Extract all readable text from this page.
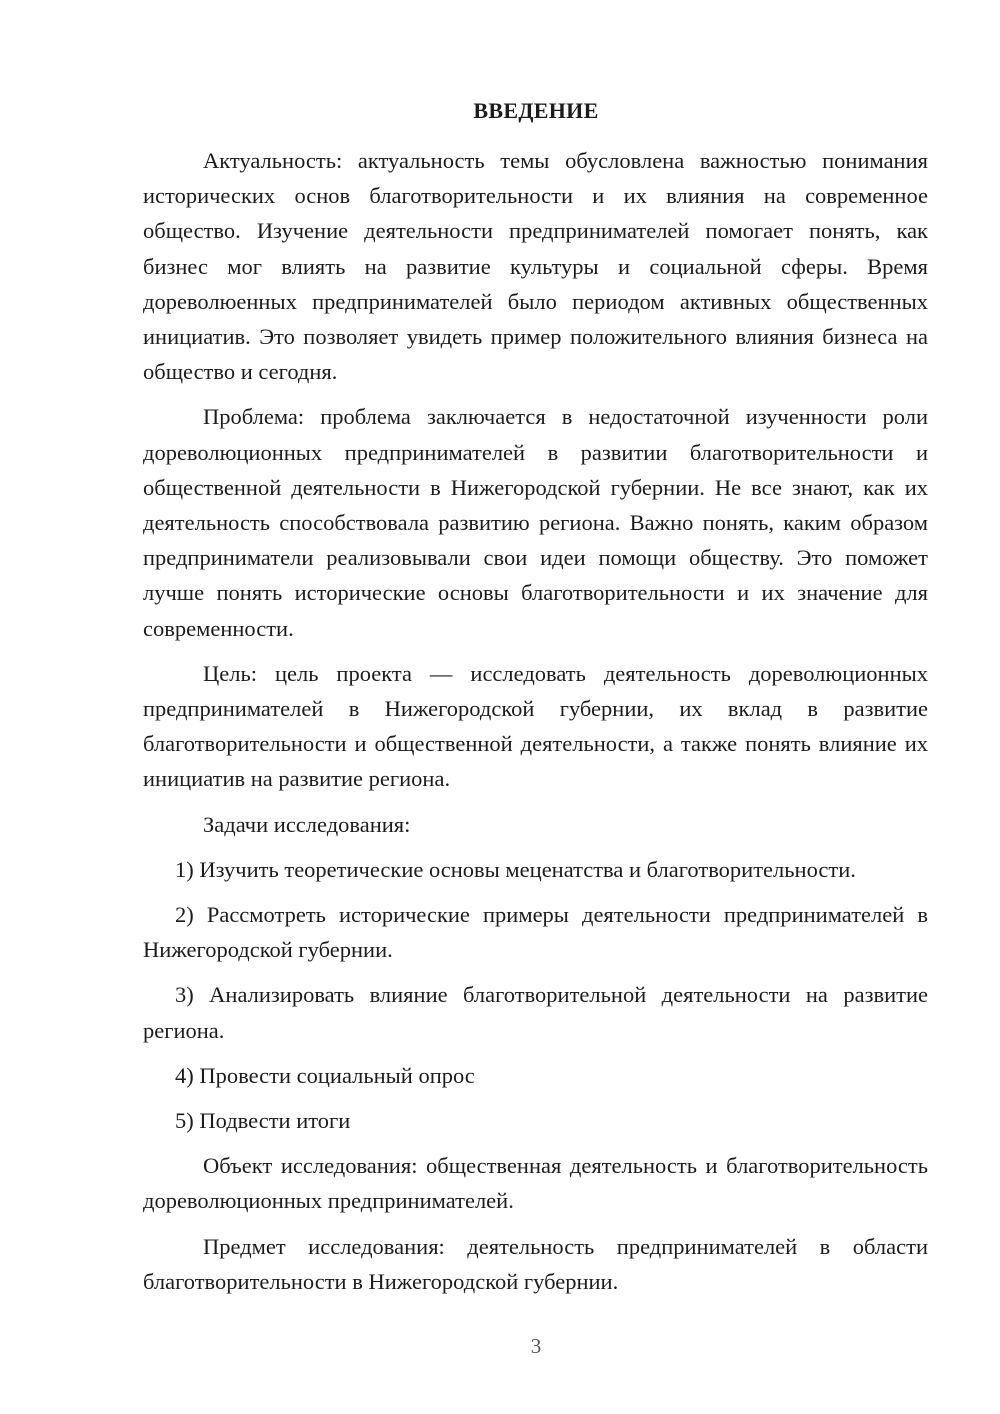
ВВЕДЕНИЕ

Актуальность: актуальность темы обусловлена важностью понимания исторических основ благотворительности и их влияния на современное общество. Изучение деятельности предпринимателей помогает понять, как бизнес мог влиять на развитие культуры и социальной сферы. Время дореволюенных предпринимателей было периодом активных общественных инициатив. Это позволяет увидеть пример положительного влияния бизнеса на общество и сегодня.

Проблема: проблема заключается в недостаточной изученности роли дореволюционных предпринимателей в развитии благотворительности и общественной деятельности в Нижегородской губернии. Не все знают, как их деятельность способствовала развитию региона. Важно понять, каким образом предприниматели реализовывали свои идеи помощи обществу. Это поможет лучше понять исторические основы благотворительности и их значение для современности.

Цель: цель проекта — исследовать деятельность дореволюционных предпринимателей в Нижегородской губернии, их вклад в развитие благотворительности и общественной деятельности, а также понять влияние их инициатив на развитие региона.

Задачи исследования:

1) Изучить теоретические основы меценатства и благотворительности.

2) Рассмотреть исторические примеры деятельности предпринимателей в Нижегородской губернии.

3) Анализировать влияние благотворительной деятельности на развитие региона.

4) Провести социальный опрос

5) Подвести итоги

Объект исследования: общественная деятельность и благотворительность дореволюционных предпринимателей.

Предмет исследования: деятельность предпринимателей в области благотворительности в Нижегородской губернии.

3
